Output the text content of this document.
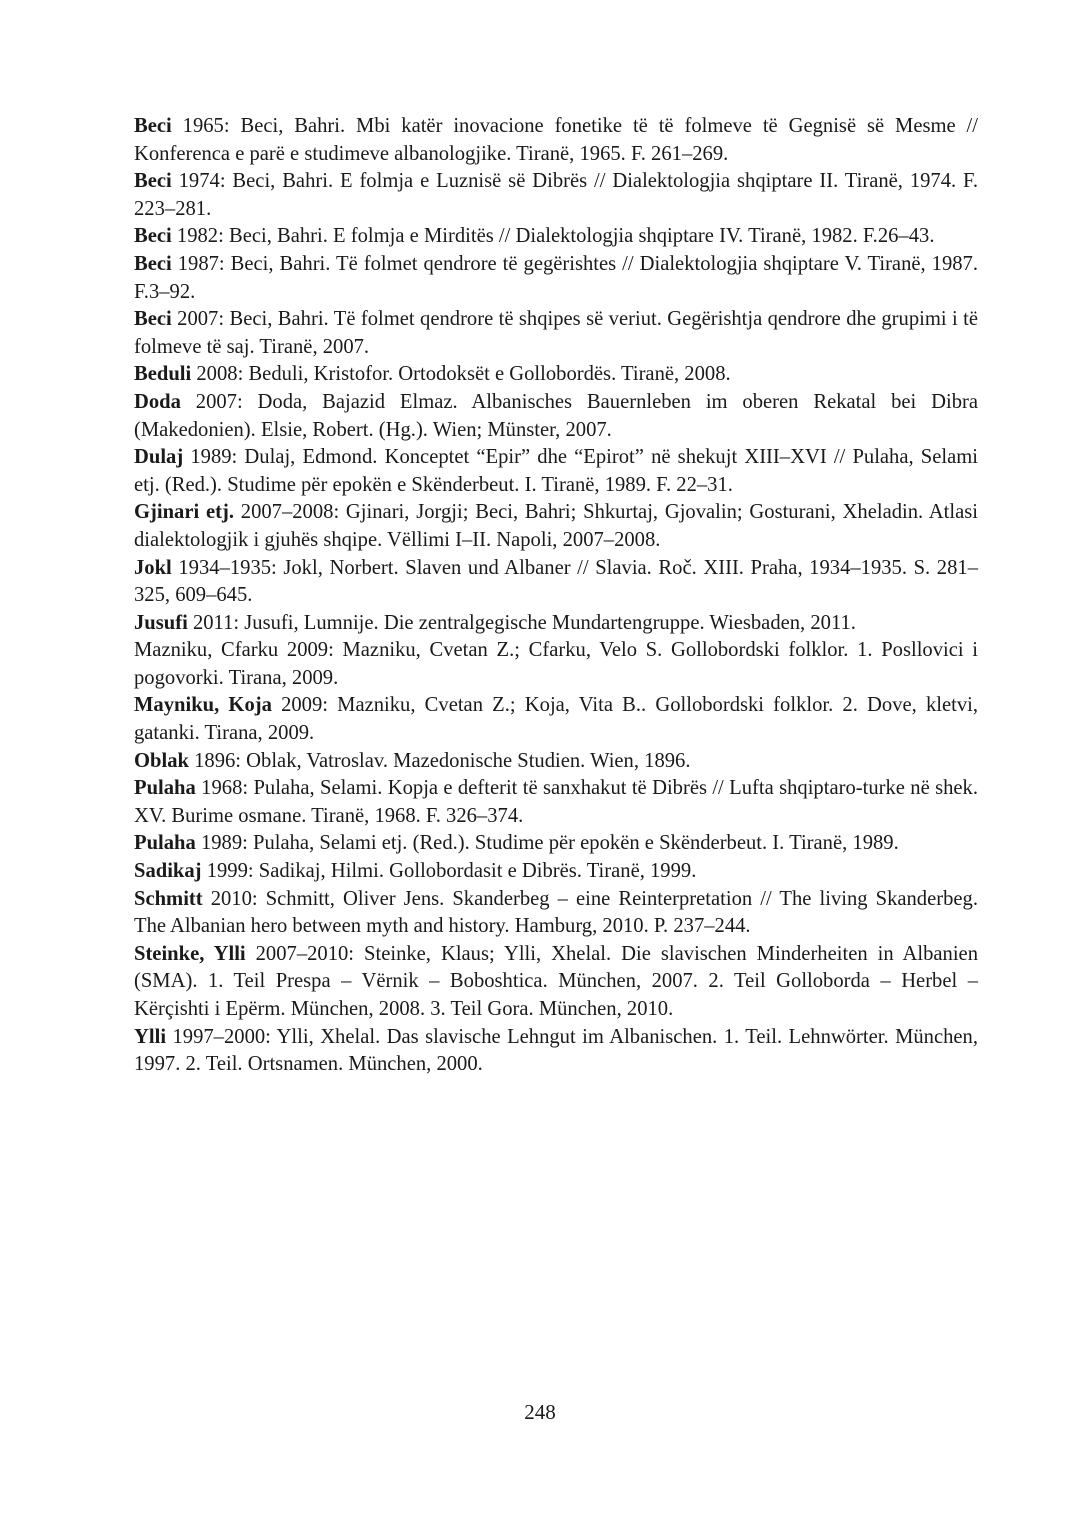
Beci 1965: Beci, Bahri. Mbi katër inovacione fonetike të të folmeve të Gegnisë së Mesme // Konferenca e parë e studimeve albanologjike. Tiranë, 1965. F. 261–269.

Beci 1974: Beci, Bahri. E folmja e Luznisë së Dibrës // Dialektologjia shqiptare II. Tiranë, 1974. F. 223–281.

Beci 1982: Beci, Bahri. E folmja e Mirditës // Dialektologjia shqiptare IV. Tiranë, 1982. F.26–43.

Beci 1987: Beci, Bahri. Të folmet qendrore të gegërishtes // Dialektologjia shqiptare V. Tiranë, 1987. F.3–92.

Beci 2007: Beci, Bahri. Të folmet qendrore të shqipes së veriut. Gegërishtja qendrore dhe grupimi i të folmeve të saj. Tiranë, 2007.

Beduli 2008: Beduli, Kristofor. Ortodoksët e Gollobordës. Tiranë, 2008.

Doda 2007: Doda, Bajazid Elmaz. Albanisches Bauernleben im oberen Rekatal bei Dibra (Makedonien). Elsie, Robert. (Hg.). Wien; Münster, 2007.

Dulaj 1989: Dulaj, Edmond. Konceptet “Epir” dhe “Epirot” në shekujt XIII–XVI // Pulaha, Selami etj. (Red.). Studime për epokën e Skënderbeut. I. Tiranë, 1989. F. 22–31.

Gjinari etj. 2007–2008: Gjinari, Jorgji; Beci, Bahri; Shkurtaj, Gjovalin; Gosturani, Xheladin. Atlasi dialektologjik i gjuhës shqipe. Vëllimi I–II. Napoli, 2007–2008.

Jokl 1934–1935: Jokl, Norbert. Slaven und Albaner // Slavia. Roč. XIII. Praha, 1934–1935. S. 281–325, 609–645.

Jusufi 2011: Jusufi, Lumnije. Die zentralgegische Mundartengruppe. Wiesbaden, 2011.

Mazniku, Cfarku 2009: Mazniku, Cvetan Z.; Cfarku, Velo S. Gollobordski folklor. 1. Posllovici i pogovorki. Tirana, 2009.

Mayniku, Koja 2009: Mazniku, Cvetan Z.; Koja, Vita B.. Gollobordski folklor. 2. Dove, kletvi, gatanki. Tirana, 2009.

Oblak 1896: Oblak, Vatroslav. Mazedonische Studien. Wien, 1896.

Pulaha 1968: Pulaha, Selami. Kopja e defterit të sanxhakut të Dibrës // Lufta shqiptaro-turke në shek. XV. Burime osmane. Tiranë, 1968. F. 326–374.

Pulaha 1989: Pulaha, Selami etj. (Red.). Studime për epokën e Skënderbeut. I. Tiranë, 1989.

Sadikaj 1999: Sadikaj, Hilmi. Gollobordasit e Dibrës. Tiranë, 1999.

Schmitt 2010: Schmitt, Oliver Jens. Skanderbeg – eine Reinterpretation // The living Skanderbeg. The Albanian hero between myth and history. Hamburg, 2010. P. 237–244.

Steinke, Ylli 2007–2010: Steinke, Klaus; Ylli, Xhelal. Die slavischen Minderheiten in Albanien (SMA). 1. Teil Prespa – Vërnik – Boboshtica. München, 2007. 2. Teil Golloborda – Herbel – Kërçishti i Epërm. München, 2008. 3. Teil Gora. München, 2010.

Ylli 1997–2000: Ylli, Xhelal. Das slavische Lehngut im Albanischen. 1. Teil. Lehnwörter. München, 1997. 2. Teil. Ortsnamen. München, 2000.

248
